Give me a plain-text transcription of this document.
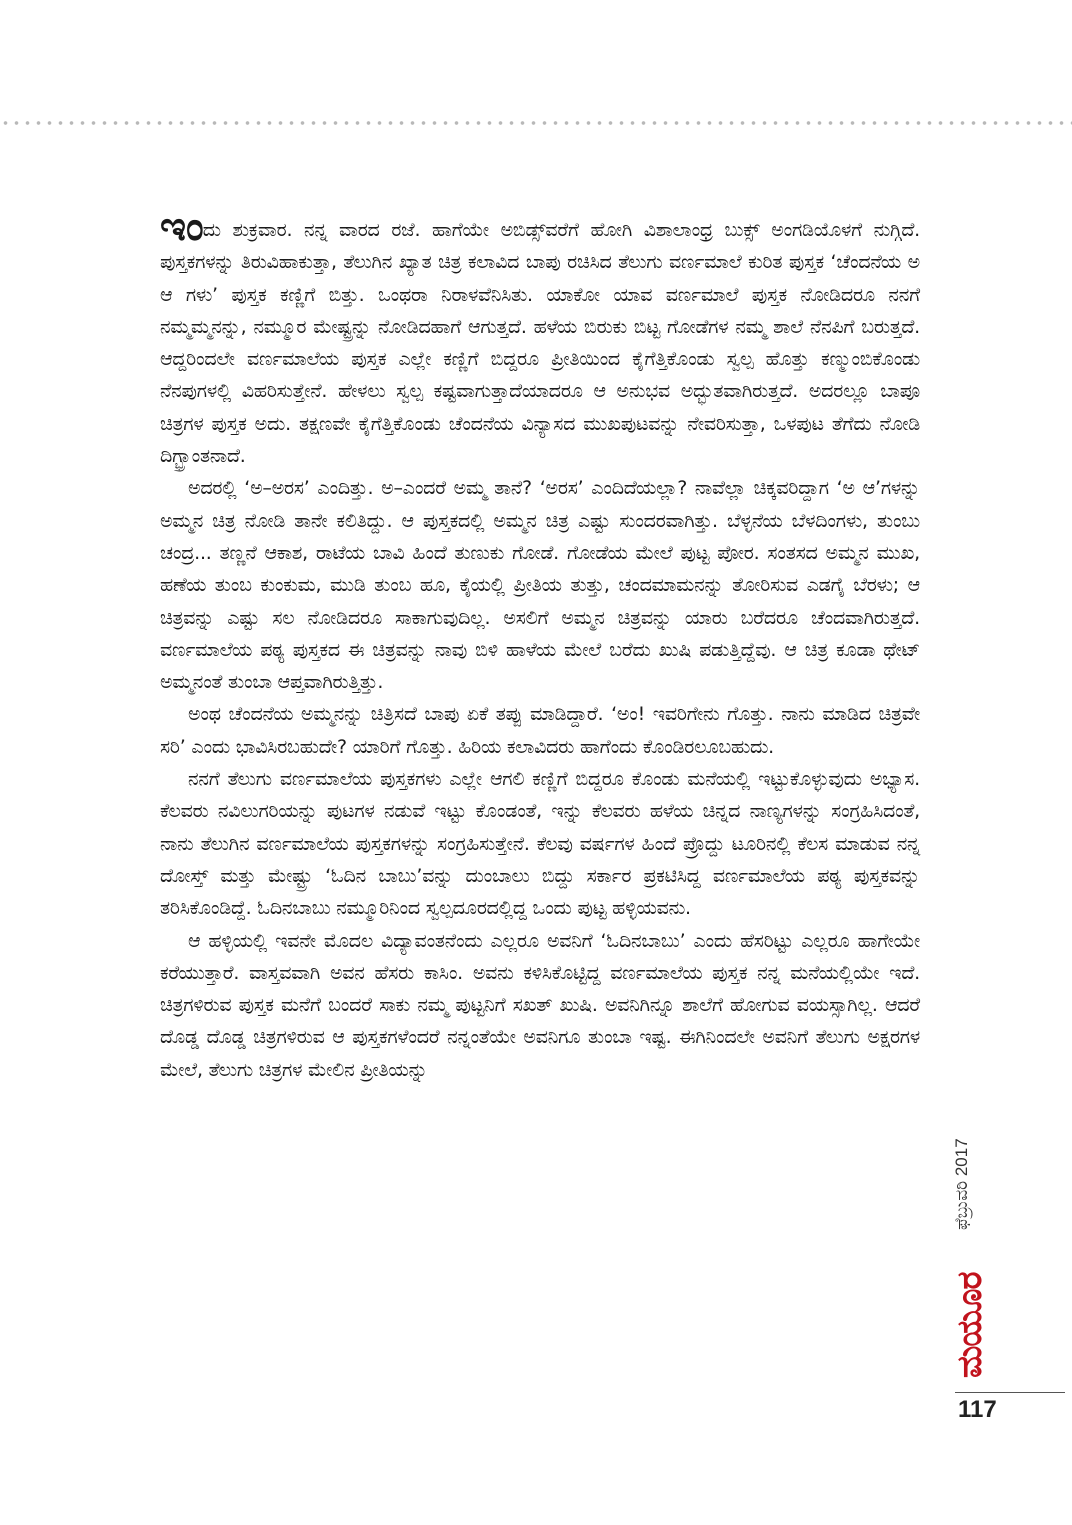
ಇಂದು ಶುಕ್ರವಾರ. ನನ್ನ ವಾರದ ರಜೆ. ಹಾಗೆಯೇ ಅಬಿಡ್ಸ್‌ವರೆಗೆ ಹೋಗಿ ವಿಶಾಲಾಂಧ್ರ ಬುಕ್ಸ್ ಅಂಗಡಿಯೊಳಗೆ ನುಗ್ಗಿದೆ. ಪುಸ್ತಕಗಳನ್ನು ತಿರುವಿಹಾಕುತ್ತಾ, ತೆಲುಗಿನ ಖ್ಯಾತ ಚಿತ್ರ ಕಲಾವಿದ ಬಾಪು ರಚಿಸಿದ ತೆಲುಗು ವರ್ಣಮಾಲೆ ಕುರಿತ ಪುಸ್ತಕ ‘ಚೆಂದನೆಯ ಅ ಆ ಗಳು’ ಪುಸ್ತಕ ಕಣ್ಣಿಗೆ ಬಿತ್ತು. ಒಂಥರಾ ನಿರಾಳವೆನಿಸಿತು. ಯಾಕೋ ಯಾವ ವರ್ಣಮಾಲೆ ಪುಸ್ತಕ ನೋಡಿದರೂ ನನಗೆ ನಮ್ಮಮ್ಮನನ್ನು, ನಮ್ಮೂರ ಮೇಷ್ಟ್ರನ್ನು ನೋಡಿದಹಾಗೆ ಆಗುತ್ತದೆ. ಹಳೆಯ ಬಿರುಕು ಬಿಟ್ಟ ಗೋಡೆಗಳ ನಮ್ಮ ಶಾಲೆ ನೆನಪಿಗೆ ಬರುತ್ತದೆ. ಆದ್ದರಿಂದಲೇ ವರ್ಣಮಾಲೆಯ ಪುಸ್ತಕ ಎಲ್ಲೇ ಕಣ್ಣಿಗೆ ಬಿದ್ದರೂ ಪ್ರೀತಿಯಿಂದ ಕೈಗೆತ್ತಿಕೊಂಡು ಸ್ವಲ್ಪ ಹೊತ್ತು ಕಣ್ಮುಂಬಿಕೊಂಡು ನೆನಪುಗಳಲ್ಲಿ ವಿಹರಿಸುತ್ತೇನೆ. ಹೇಳಲು ಸ್ವಲ್ಪ ಕಷ್ಟವಾಗುತ್ತಾದೆಯಾದರೂ ಆ ಅನುಭವ ಅದ್ಭುತವಾಗಿರುತ್ತದೆ. ಅದರಲ್ಲೂ ಬಾಪೂ ಚಿತ್ರಗಳ ಪುಸ್ತಕ ಅದು. ತಕ್ಷಣವೇ ಕೈಗೆತ್ತಿಕೊಂಡು ಚೆಂದನೆಯ ವಿನ್ಯಾಸದ ಮುಖಪುಟವನ್ನು ನೇವರಿಸುತ್ತಾ, ಒಳಪುಟ ತೆಗೆದು ನೋಡಿ ದಿಗ್ಭ್ರಾಂತನಾದೆ.

ಅದರಲ್ಲಿ ‘ಅ–ಅರಸ’ ಎಂದಿತ್ತು. ಅ–ಎಂದರೆ ಅಮ್ಮ ತಾನೆ? ‘ಅರಸ’ ಎಂದಿದೆಯಲ್ಲಾ? ನಾವೆಲ್ಲಾ ಚಿಕ್ಕವರಿದ್ದಾಗ ‘ಅ ಆ’ಗಳನ್ನು ಅಮ್ಮನ ಚಿತ್ರ ನೋಡಿ ತಾನೇ ಕಲಿತಿದ್ದು. ಆ ಪುಸ್ತಕದಲ್ಲಿ ಅಮ್ಮನ ಚಿತ್ರ ಎಷ್ಟು ಸುಂದರವಾಗಿತ್ತು. ಬೆಳ್ಳನೆಯ ಬೆಳದಿಂಗಳು, ತುಂಬು ಚಂದ್ರ... ತಣ್ಣನೆ ಆಕಾಶ, ರಾಟೆಯ ಬಾವಿ ಹಿಂದೆ ತುಣುಕು ಗೋಡೆ. ಗೋಡೆಯ ಮೇಲೆ ಪುಟ್ಟ ಪೋರ. ಸಂತಸದ ಅಮ್ಮನ ಮುಖ, ಹಣೆಯ ತುಂಬ ಕುಂಕುಮ, ಮುಡಿ ತುಂಬ ಹೂ, ಕೈಯಲ್ಲಿ ಪ್ರೀತಿಯ ತುತ್ತು, ಚಂದಮಾಮನನ್ನು ತೋರಿಸುವ ಎಡಗೈ ಬೆರಳು; ಆ ಚಿತ್ರವನ್ನು ಎಷ್ಟು ಸಲ ನೋಡಿದರೂ ಸಾಕಾಗುವುದಿಲ್ಲ. ಅಸಲಿಗೆ ಅಮ್ಮನ ಚಿತ್ರವನ್ನು ಯಾರು ಬರೆದರೂ ಚೆಂದವಾಗಿರುತ್ತದೆ. ವರ್ಣಮಾಲೆಯ ಪಠ್ಯ ಪುಸ್ತಕದ ಈ ಚಿತ್ರವನ್ನು ನಾವು ಬಿಳಿ ಹಾಳೆಯ ಮೇಲೆ ಬರೆದು ಖುಷಿ ಪಡುತ್ತಿದ್ದೆವು. ಆ ಚಿತ್ರ ಕೂಡಾ ಥೇಟ್ ಅಮ್ಮನಂತೆ ತುಂಬಾ ಆಪ್ತವಾಗಿರುತ್ತಿತ್ತು.

ಅಂಥ ಚೆಂದನೆಯ ಅಮ್ಮನನ್ನು ಚಿತ್ರಿಸದೆ ಬಾಪು ಏಕೆ ತಪ್ಪು ಮಾಡಿದ್ದಾರೆ. ‘ಅಂ! ಇವರಿಗೇನು ಗೊತ್ತು. ನಾನು ಮಾಡಿದ ಚಿತ್ರವೇ ಸರಿ’ ಎಂದು ಭಾವಿಸಿರಬಹುದೇ? ಯಾರಿಗೆ ಗೊತ್ತು. ಹಿರಿಯ ಕಲಾವಿದರು ಹಾಗೆಂದು ಕೊಂಡಿರಲೂಬಹುದು.

ನನಗೆ ತೆಲುಗು ವರ್ಣಮಾಲೆಯ ಪುಸ್ತಕಗಳು ಎಲ್ಲೇ ಆಗಲಿ ಕಣ್ಣಿಗೆ ಬಿದ್ದರೂ ಕೊಂಡು ಮನೆಯಲ್ಲಿ ಇಟ್ಟುಕೊಳ್ಳುವುದು ಅಭ್ಯಾಸ. ಕೆಲವರು ನವಿಲುಗರಿಯನ್ನು ಪುಟಗಳ ನಡುವೆ ಇಟ್ಟು ಕೊಂಡಂತೆ, ಇನ್ನು ಕೆಲವರು ಹಳೆಯ ಚಿನ್ನದ ನಾಣ್ಯಗಳನ್ನು ಸಂಗ್ರಹಿಸಿದಂತೆ, ನಾನು ತೆಲುಗಿನ ವರ್ಣಮಾಲೆಯ ಪುಸ್ತಕಗಳನ್ನು ಸಂಗ್ರಹಿಸುತ್ತೇನೆ. ಕೆಲವು ವರ್ಷಗಳ ಹಿಂದೆ ಪ್ರೊದ್ದು ಟೂರಿನಲ್ಲಿ ಕೆಲಸ ಮಾಡುವ ನನ್ನ ದೋಸ್ತ್ ಮತ್ತು ಮೇಷ್ಟ್ರು ‘ಓದಿನ ಬಾಬು’ವನ್ನು ದುಂಬಾಲು ಬಿದ್ದು ಸರ್ಕಾರ ಪ್ರಕಟಿಸಿದ್ದ ವರ್ಣಮಾಲೆಯ ಪಠ್ಯ ಪುಸ್ತಕವನ್ನು ತರಿಸಿಕೊಂಡಿದ್ದೆ. ಓದಿನಬಾಬು ನಮ್ಮೂರಿನಿಂದ ಸ್ವಲ್ಪದೂರದಲ್ಲಿದ್ದ ಒಂದು ಪುಟ್ಟ ಹಳ್ಳಿಯವನು.

ಆ ಹಳ್ಳಿಯಲ್ಲಿ ಇವನೇ ಮೊದಲ ವಿದ್ಯಾವಂತನೆಂದು ಎಲ್ಲರೂ ಅವನಿಗೆ ‘ಓದಿನಬಾಬು’ ಎಂದು ಹೆಸರಿಟ್ಟು ಎಲ್ಲರೂ ಹಾಗೇಯೇ ಕರೆಯುತ್ತಾರೆ. ವಾಸ್ತವವಾಗಿ ಅವನ ಹೆಸರು ಕಾಸಿಂ. ಅವನು ಕಳಿಸಿಕೊಟ್ಟಿದ್ದ ವರ್ಣಮಾಲೆಯ ಪುಸ್ತಕ ನನ್ನ ಮನೆಯಲ್ಲಿಯೇ ಇದೆ. ಚಿತ್ರಗಳಿರುವ ಪುಸ್ತಕ ಮನೆಗೆ ಬಂದರೆ ಸಾಕು ನಮ್ಮ ಪುಟ್ಟನಿಗೆ ಸಖತ್ ಖುಷಿ. ಅವನಿಗಿನ್ನೂ ಶಾಲೆಗೆ ಹೋಗುವ ವಯಸ್ಸಾಗಿಲ್ಲ. ಆದರೆ ದೊಡ್ಡ ದೊಡ್ಡ ಚಿತ್ರಗಳಿರುವ ಆ ಪುಸ್ತಕಗಳೆಂದರೆ ನನ್ನಂತೆಯೇ ಅವನಿಗೂ ತುಂಬಾ ಇಷ್ಟ. ಈಗಿನಿಂದಲೇ ಅವನಿಗೆ ತೆಲುಗು ಅಕ್ಷರಗಳ ಮೇಲೆ, ತೆಲುಗು ಚಿತ್ರಗಳ ಮೇಲಿನ ಪ್ರೀತಿಯನ್ನು

ಫೆಬ್ರುವರಿ 2017
ಮಯೂರ
117
